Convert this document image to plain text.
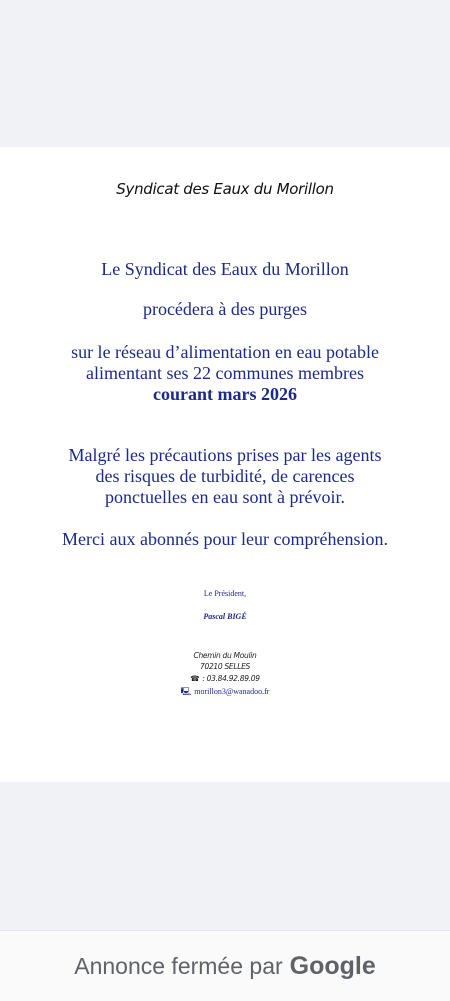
Syndicat des Eaux du Morillon
Le Syndicat des Eaux du Morillon
procédera à des purges
sur le réseau d’alimentation en eau potable
alimentant ses 22 communes membres
courant mars 2026
Malgré les précautions prises par les agents
des risques de turbidité, de carences
ponctuelles en eau sont à prévoir.
Merci aux abonnés pour leur compréhension.
Le Président,
Pascal BIGÉ
Chemin du Moulin
70210 SELLES
☎ : 03.84.92.89.09
🖳 morillon3@wanadoo.fr
Annonce fermée par Google
